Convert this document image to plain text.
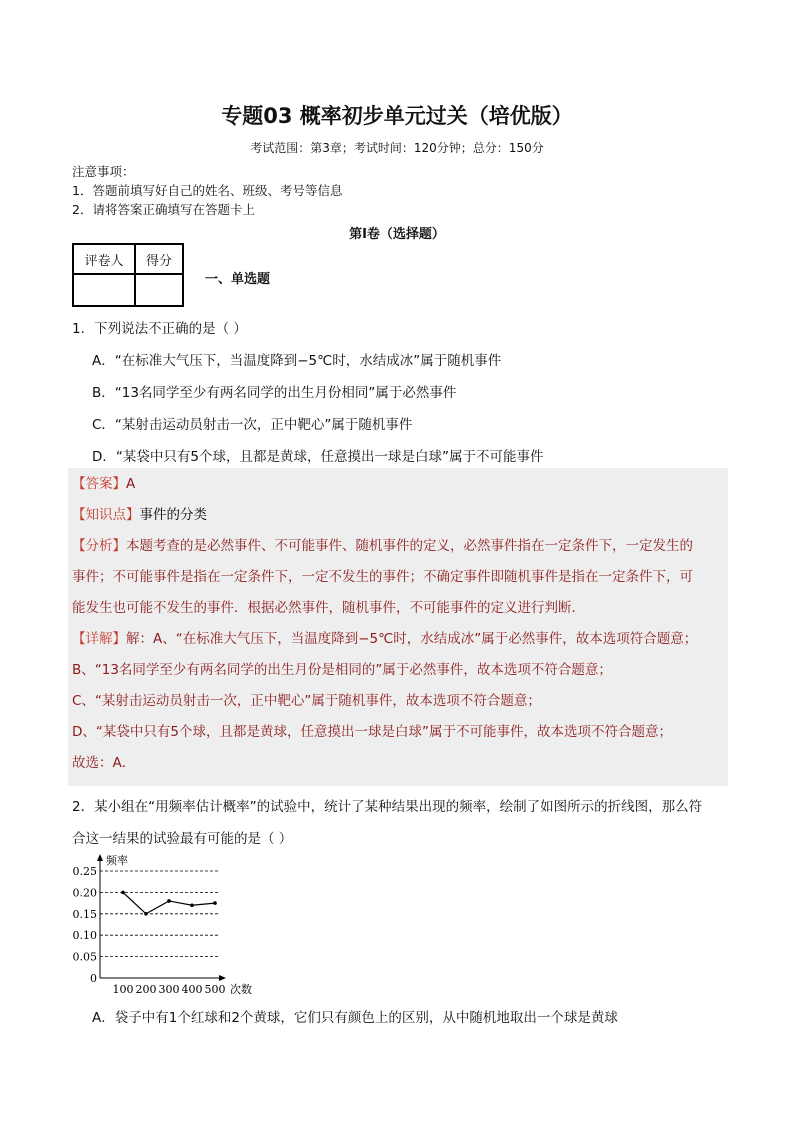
专题03 概率初步单元过关（培优版）
考试范围：第3章；考试时间：120分钟；总分：150分
注意事项：
1．答题前填写好自己的姓名、班级、考号等信息
2．请将答案正确填写在答题卡上
第I卷（选择题）
评卷人	得分

一、单选题
1．下列说法不正确的是（ ）
A．“在标准大气压下，当温度降到−5℃时，水结成冰”属于随机事件
B．“13名同学至少有两名同学的出生月份相同”属于必然事件
C．“某射击运动员射击一次，正中靶心”属于随机事件
D．“某袋中只有5个球，且都是黄球，任意摸出一球是白球”属于不可能事件
【答案】A
【知识点】事件的分类
【分析】本题考查的是必然事件、不可能事件、随机事件的定义，必然事件指在一定条件下，一定发生的
事件；不可能事件是指在一定条件下，一定不发生的事件；不确定事件即随机事件是指在一定条件下，可
能发生也可能不发生的事件．根据必然事件，随机事件，不可能事件的定义进行判断．
【详解】解：A、“在标准大气压下，当温度降到−5℃时，水结成冰”属于必然事件，故本选项符合题意；
B、“13名同学至少有两名同学的出生月份是相同的”属于必然事件，故本选项不符合题意；
C、“某射击运动员射击一次，正中靶心”属于随机事件，故本选项不符合题意；
D、“某袋中只有5个球，且都是黄球，任意摸出一球是白球”属于不可能事件，故本选项不符合题意；
故选：A．
2．某小组在“用频率估计概率”的试验中，统计了某种结果出现的频率，绘制了如图所示的折线图，那么符
合这一结果的试验最有可能的是（ ）
0
0.05
0.10
0.15
0.20
0.25
100 200 300 400 500
频率
次数
A．袋子中有1个红球和2个黄球，它们只有颜色上的区别，从中随机地取出一个球是黄球
